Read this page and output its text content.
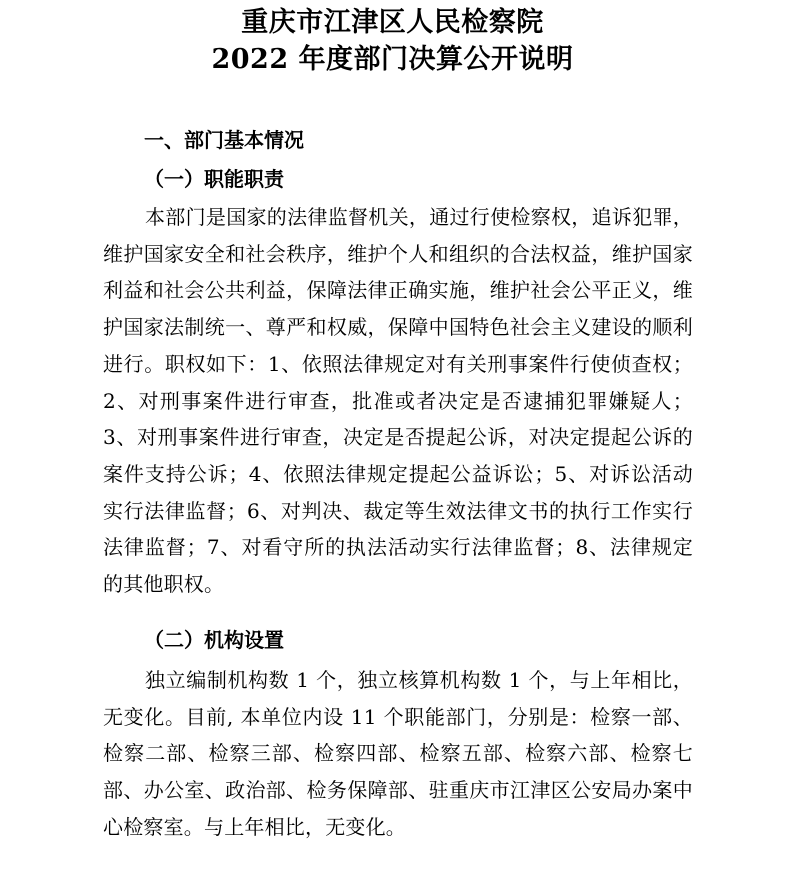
重庆市江津区人民检察院
2022 年度部门决算公开说明
一、部门基本情况
（一）职能职责
本部门是国家的法律监督机关，通过行使检察权，追诉犯罪，维护国家安全和社会秩序，维护个人和组织的合法权益，维护国家利益和社会公共利益，保障法律正确实施，维护社会公平正义，维护国家法制统一、尊严和权威，保障中国特色社会主义建设的顺利进行。职权如下：1、依照法律规定对有关刑事案件行使侦查权；2、对刑事案件进行审查，批准或者决定是否逮捕犯罪嫌疑人；3、对刑事案件进行审查，决定是否提起公诉，对决定提起公诉的案件支持公诉；4、依照法律规定提起公益诉讼；5、对诉讼活动实行法律监督；6、对判决、裁定等生效法律文书的执行工作实行法律监督；7、对看守所的执法活动实行法律监督；8、法律规定的其他职权。
（二）机构设置
独立编制机构数 1 个，独立核算机构数 1 个，与上年相比，无变化。目前, 本单位内设 11 个职能部门，分别是：检察一部、检察二部、检察三部、检察四部、检察五部、检察六部、检察七部、办公室、政治部、检务保障部、驻重庆市江津区公安局办案中心检察室。与上年相比，无变化。
